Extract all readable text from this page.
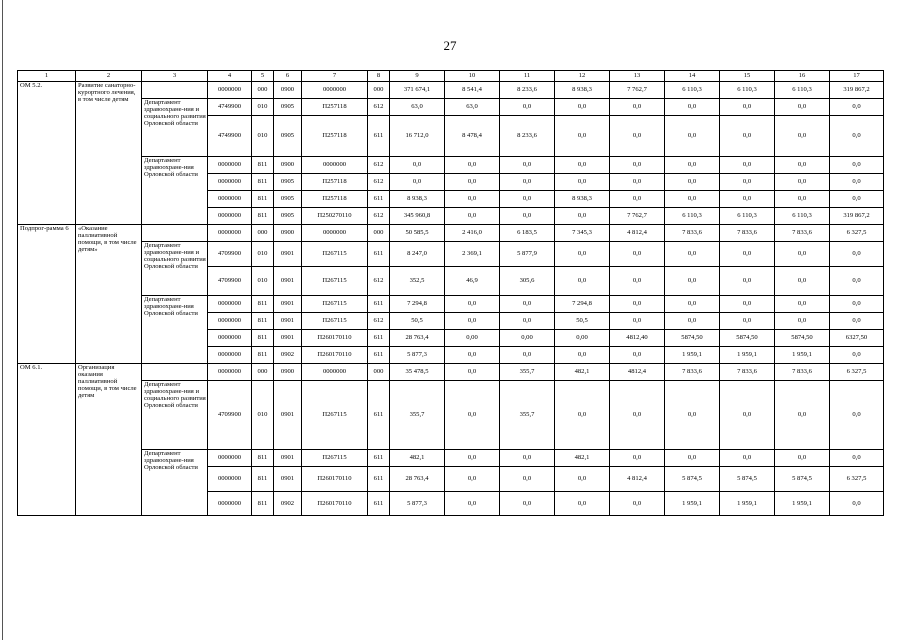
27
1	2	3	4	5	6	7	8	9	10	11	12	13	14	15	16	17
ОМ 5.2.	Развитие санаторно-курортного лечения, в том числе детям		0000000	000	0900	0000000	000	371 674,1	8 541,4	8 233,6	8 938,3	7 762,7	6 110,3	6 110,3	6 110,3	319 867,2
		Департамент здравоохране-ния и социального развития Орловской области	4749900	010	0905	П257118	612	63,0	63,0	0,0	0,0	0,0	0,0	0,0	0,0	0,0
			4749900	010	0905	П257118	611	16 712,0	8 478,4	8 233,6	0,0	0,0	0,0	0,0	0,0	0,0
		Департамент здравоохране-ния Орловской области	0000000	811	0900	0000000	612	0,0	0,0	0,0	0,0	0,0	0,0	0,0	0,0	0,0
			0000000	811	0905	П257118	612	0,0	0,0	0,0	0,0	0,0	0,0	0,0	0,0	0,0
			0000000	811	0905	П257118	611	8 938,3	0,0	0,0	8 938,3	0,0	0,0	0,0	0,0	0,0
			0000000	811	0905	П250270110	612	345 960,8	0,0	0,0	0,0	7 762,7	6 110,3	6 110,3	6 110,3	319 867,2
Подпрог-рамма 6	«Оказание паллиативной помощи, в том числе детям»		0000000	000	0900	0000000	000	50 585,5	2 416,0	6 183,5	7 345,3	4 812,4	7 833,6	7 833,6	7 833,6	6 327,5
		Департамент здравоохране-ния и социального развития Орловской области	4709900	010	0901	П267115	611	8 247,0	2 369,1	5 877,9	0,0	0,0	0,0	0,0	0,0	0,0
			4709900	010	0901	П267115	612	352,5	46,9	305,6	0,0	0,0	0,0	0,0	0,0	0,0
		Департамент здравоохране-ния Орловской области	0000000	811	0901	П267115	611	7 294,8	0,0	0,0	7 294,8	0,0	0,0	0,0	0,0	0,0
			0000000	811	0901	П267115	612	50,5	0,0	0,0	50,5	0,0	0,0	0,0	0,0	0,0
			0000000	811	0901	П260170110	611	28 763,4	0,00	0,00	0,00	4812,40	5874,50	5874,50	5874,50	6327,50
			0000000	811	0902	П260170110	611	5 877,3	0,0	0,0	0,0	0,0	1 959,1	1 959,1	1 959,1	0,0
ОМ 6.1.	Организация оказания паллиативной помощи, в том числе детям		0000000	000	0900	0000000	000	35 478,5	0,0	355,7	482,1	4812,4	7 833,6	7 833,6	7 833,6	6 327,5
		Департамент здравоохране-ния и социального развития Орловской области	4709900	010	0901	П267115	611	355,7	0,0	355,7	0,0	0,0	0,0	0,0	0,0	0,0
		Департамент здравоохране-ния Орловской области	0000000	811	0901	П267115	611	482,1	0,0	0,0	482,1	0,0	0,0	0,0	0,0	0,0
			0000000	811	0901	П260170110	611	28 763,4	0,0	0,0	0,0	4 812,4	5 874,5	5 874,5	5 874,5	6 327,5
			0000000	811	0902	П260170110	611	5 877,3	0,0	0,0	0,0	0,0	1 959,1	1 959,1	1 959,1	0,0
